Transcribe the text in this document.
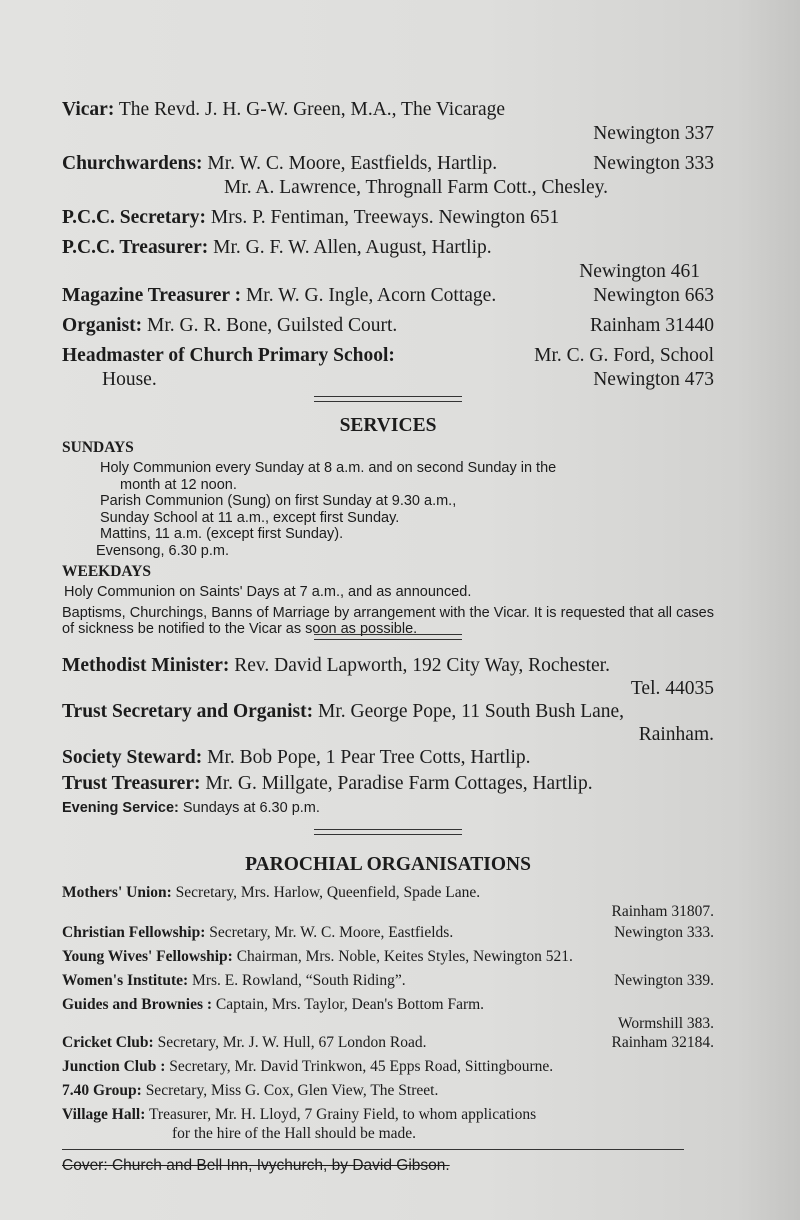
Vicar: The Revd. J. H. G-W. Green, M.A., The Vicarage
Newington 337
Churchwardens: Mr. W. C. Moore, Eastfields, Hartlip.	Newington 333
Mr. A. Lawrence, Thrognall Farm Cott., Chesley.
P.C.C. Secretary: Mrs. P. Fentiman, Treeways. Newington 651
P.C.C. Treasurer: Mr. G. F. W. Allen, August, Hartlip.
Newington 461
Magazine Treasurer : Mr. W. G. Ingle, Acorn Cottage.	Newington 663
Organist: Mr. G. R. Bone, Guilsted Court.	Rainham 31440
Headmaster of Church Primary School:	Mr. C. G. Ford, School
House.	Newington 473
SERVICES
SUNDAYS
Holy Communion every Sunday at 8 a.m. and on second Sunday in the
month at 12 noon.
Parish Communion (Sung) on first Sunday at 9.30 a.m.,
Sunday School at 11 a.m., except first Sunday.
Mattins, 11 a.m. (except first Sunday).
Evensong, 6.30 p.m.
WEEKDAYS
Holy Communion on Saints' Days at 7 a.m., and as announced.
Baptisms, Churchings, Banns of Marriage by arrangement with the Vicar. It is requested that all cases of sickness be notified to the Vicar as soon as possible.
Methodist Minister: Rev. David Lapworth, 192 City Way, Rochester.
Tel. 44035
Trust Secretary and Organist: Mr. George Pope, 11 South Bush Lane,
Rainham.
Society Steward: Mr. Bob Pope, 1 Pear Tree Cotts, Hartlip.
Trust Treasurer: Mr. G. Millgate, Paradise Farm Cottages, Hartlip.
Evening Service: Sundays at 6.30 p.m.
PAROCHIAL ORGANISATIONS
Mothers' Union: Secretary, Mrs. Harlow, Queenfield, Spade Lane.
Rainham 31807.
Christian Fellowship: Secretary, Mr. W. C. Moore, Eastfields.	Newington 333.
Young Wives' Fellowship: Chairman, Mrs. Noble, Keites Styles, Newington 521.
Women's Institute: Mrs. E. Rowland, “South Riding”.	Newington 339.
Guides and Brownies : Captain, Mrs. Taylor, Dean's Bottom Farm.
Wormshill 383.
Cricket Club: Secretary, Mr. J. W. Hull, 67 London Road.	Rainham 32184.
Junction Club : Secretary, Mr. David Trinkwon, 45 Epps Road, Sittingbourne.
7.40 Group: Secretary, Miss G. Cox, Glen View, The Street.
Village Hall: Treasurer, Mr. H. Lloyd, 7 Grainy Field, to whom applications
for the hire of the Hall should be made.
Cover: Church and Bell Inn, Ivychurch, by David Gibson.
